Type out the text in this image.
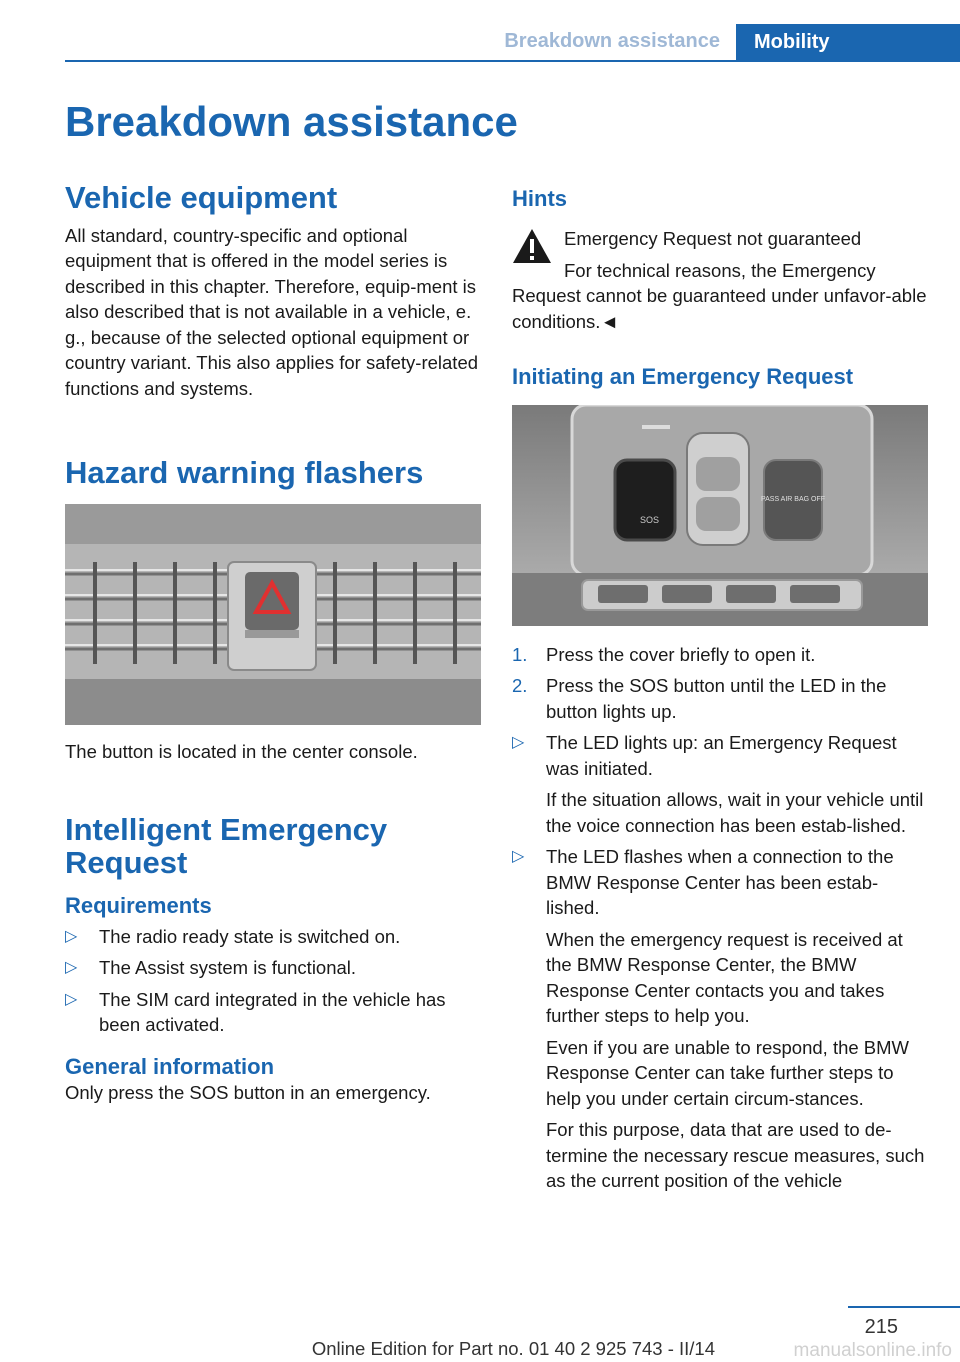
Breakdown assistance	Mobility
Breakdown assistance
Vehicle equipment

All standard, country-specific and optional equipment that is offered in the model series is described in this chapter. Therefore, equip-ment is also described that is not available in a vehicle, e. g., because of the selected optional equipment or country variant. This also applies for safety-related functions and systems.

Hazard warning flashers

The button is located in the center console.

Intelligent Emergency Request
Requirements
▷ The radio ready state is switched on.
▷ The Assist system is functional.
▷ The SIM card integrated in the vehicle has been activated.
General information

Only press the SOS button in an emergency.

Hints

Emergency Request not guaranteed

For technical reasons, the Emergency Request cannot be guaranteed under unfavor-able conditions.◄

Initiating an Emergency Request
SOS
PASS AIR BAG OFF
1. Press the cover briefly to open it.
2. Press the SOS button until the LED in the button lights up.
▷ The LED lights up: an Emergency Request was initiated.

If the situation allows, wait in your vehicle until the voice connection has been estab-lished.

▷ The LED flashes when a connection to the BMW Response Center has been estab-lished.

When the emergency request is received at the BMW Response Center, the BMW Response Center contacts you and takes further steps to help you.

Even if you are unable to respond, the BMW Response Center can take further steps to help you under certain circum-stances.

For this purpose, data that are used to de-termine the necessary rescue measures, such as the current position of the vehicle

215
Online Edition for Part no. 01 40 2 925 743 - II/14	manualsonline.info
